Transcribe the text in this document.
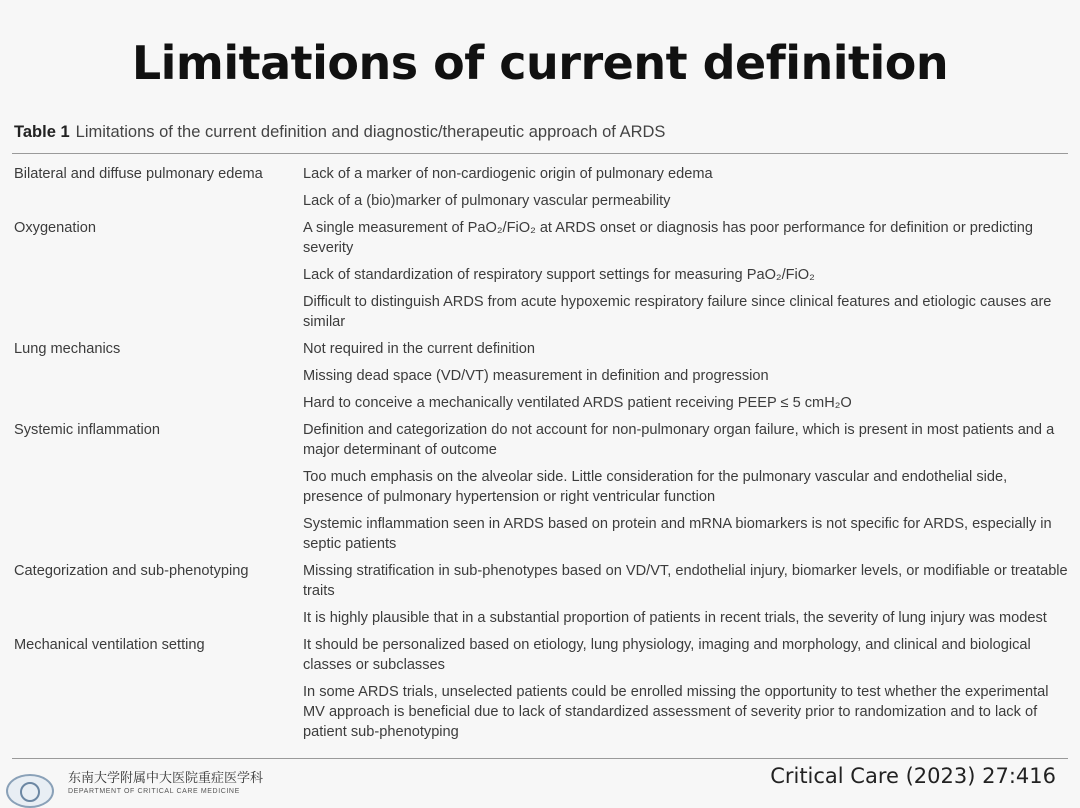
Limitations of current definition
Table 1 Limitations of the current definition and diagnostic/therapeutic approach of ARDS
Bilateral and diffuse pulmonary edema	Lack of a marker of non-cardiogenic origin of pulmonary edema
Lack of a (bio)marker of pulmonary vascular permeability
Oxygenation	A single measurement of PaO₂/FiO₂ at ARDS onset or diagnosis has poor performance for definition or predicting severity
Lack of standardization of respiratory support settings for measuring PaO₂/FiO₂
Difficult to distinguish ARDS from acute hypoxemic respiratory failure since clinical features and etiologic causes are similar
Lung mechanics	Not required in the current definition
Missing dead space (VD/VT) measurement in definition and progression
Hard to conceive a mechanically ventilated ARDS patient receiving PEEP ≤ 5 cmH₂O
Systemic inflammation	Definition and categorization do not account for non-pulmonary organ failure, which is present in most patients and a major determinant of outcome
Too much emphasis on the alveolar side. Little consideration for the pulmonary vascular and endothelial side, presence of pulmonary hypertension or right ventricular function
Systemic inflammation seen in ARDS based on protein and mRNA biomarkers is not specific for ARDS, especially in septic patients
Categorization and sub-phenotyping	Missing stratification in sub-phenotypes based on VD/VT, endothelial injury, biomarker levels, or modifiable or treatable traits
It is highly plausible that in a substantial proportion of patients in recent trials, the severity of lung injury was modest
Mechanical ventilation setting	It should be personalized based on etiology, lung physiology, imaging and morphology, and clinical and biological classes or subclasses
In some ARDS trials, unselected patients could be enrolled missing the opportunity to test whether the experimental MV approach is beneficial due to lack of standardized assessment of severity prior to randomization and to lack of patient sub-phenotyping
东南大学附属中大医院重症医学科
DEPARTMENT OF CRITICAL CARE MEDICINE
Critical Care (2023) 27:416
